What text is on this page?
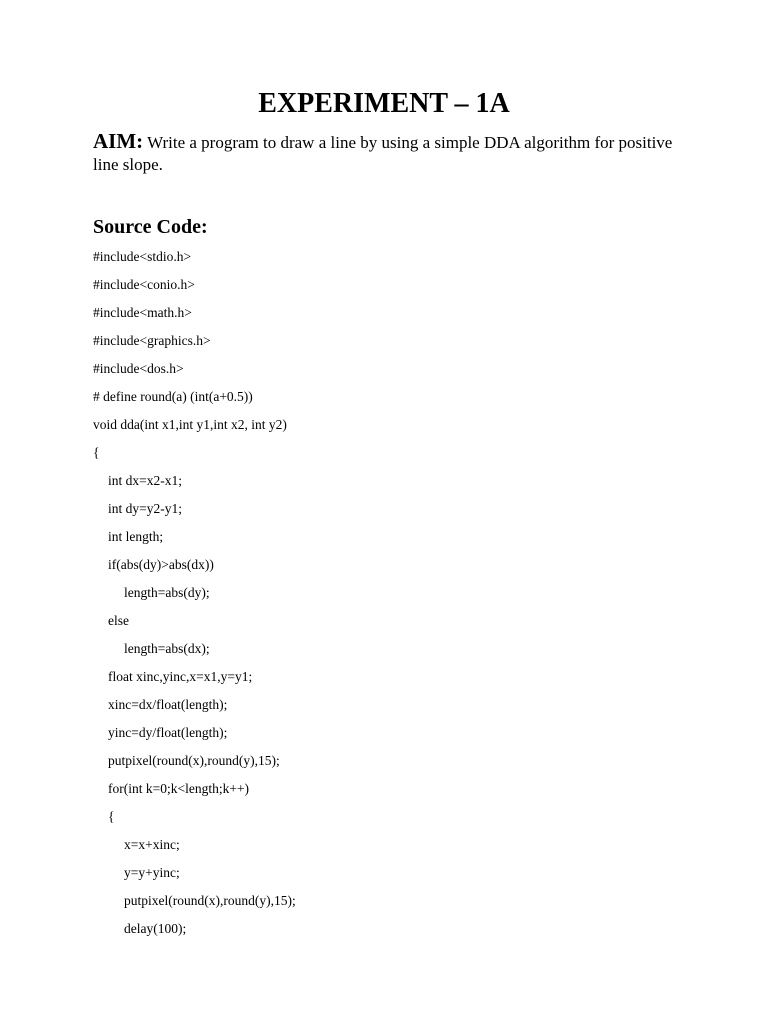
EXPERIMENT – 1A
AIM: Write a program to draw a line by using a simple DDA algorithm for positive line slope.
Source Code:
#include<stdio.h>
#include<conio.h>
#include<math.h>
#include<graphics.h>
#include<dos.h>
# define round(a) (int(a+0.5))
void dda(int x1,int y1,int x2, int y2)
{
int dx=x2-x1;
int dy=y2-y1;
int length;
if(abs(dy)>abs(dx))
length=abs(dy);
else
length=abs(dx);
float xinc,yinc,x=x1,y=y1;
xinc=dx/float(length);
yinc=dy/float(length);
putpixel(round(x),round(y),15);
for(int k=0;k<length;k++)
{
x=x+xinc;
y=y+yinc;
putpixel(round(x),round(y),15);
delay(100);
